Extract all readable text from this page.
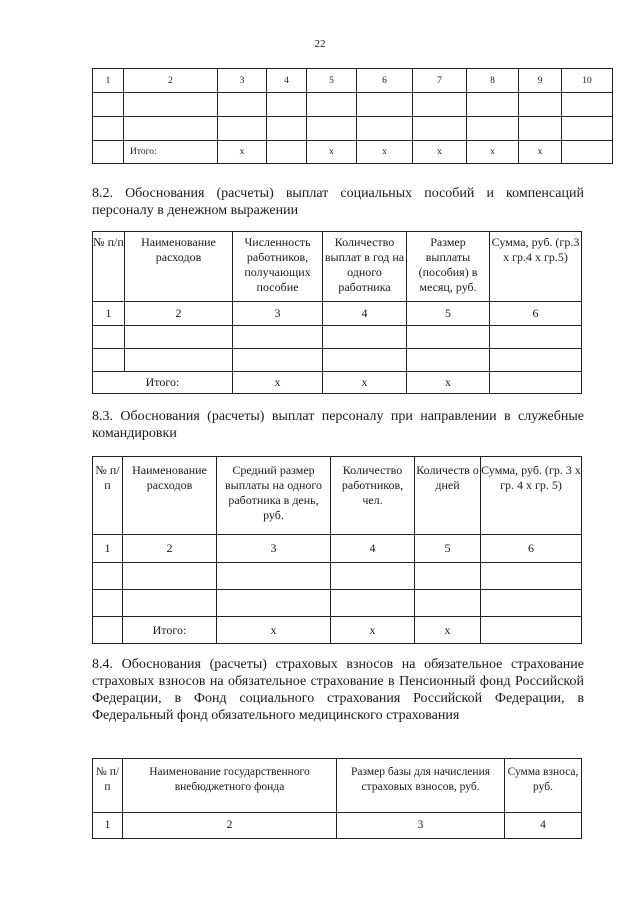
22
1	2	3	4	5	6	7	8	9	10

	Итого:	x		x	x	x	x	x	
8.2. Обоснования (расчеты) выплат социальных пособий и компенсаций персоналу в денежном выражении
№ п/п	Наименование расходов	Численность работников, получающих пособие	Количество выплат в год на одного работника	Размер выплаты (пособия) в месяц, руб.	Сумма, руб. (гр.3 x гр.4 x гр.5)
1	2	3	4	5	6

Итого:		x	x	x	
8.3. Обоснования (расчеты) выплат персоналу при направлении в служебные командировки
№ п/п	Наименование расходов	Средний размер выплаты на одного работника в день, руб.	Количество работников, чел.	Количеств о дней	Сумма, руб. (гр. 3 x гр. 4 x гр. 5)
1	2	3	4	5	6

	Итого:	x	x	x	
8.4. Обоснования (расчеты) страховых взносов на обязательное страхование страховых взносов на обязательное страхование в Пенсионный фонд Российской Федерации, в Фонд социального страхования Российской Федерации, в Федеральный фонд обязательного медицинского страхования
№ п/п	Наименование государственного внебюджетного фонда	Размер базы для начисления страховых взносов, руб.	Сумма взноса, руб.
1	2	3	4
